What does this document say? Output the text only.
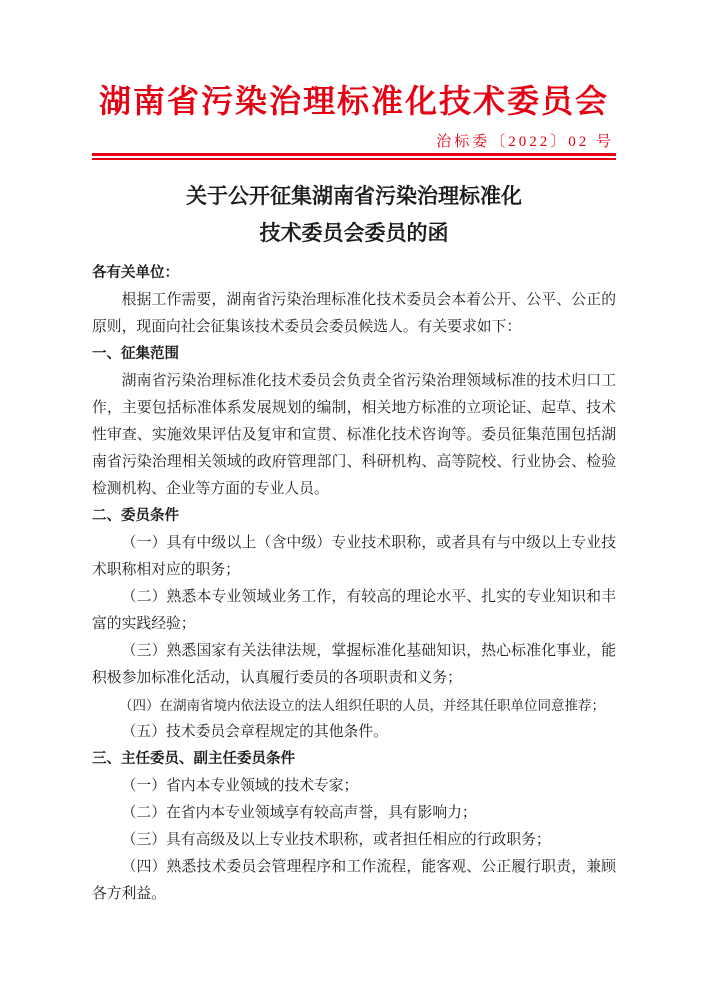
湖南省污染治理标准化技术委员会
治标委〔2022〕02 号
关于公开征集湖南省污染治理标准化
技术委员会委员的函
各有关单位：
根据工作需要，湖南省污染治理标准化技术委员会本着公开、公平、公正的原则，现面向社会征集该技术委员会委员候选人。有关要求如下：
一、征集范围
湖南省污染治理标准化技术委员会负责全省污染治理领域标准的技术归口工作，主要包括标准体系发展规划的编制，相关地方标准的立项论证、起草、技术性审查、实施效果评估及复审和宣贯、标准化技术咨询等。委员征集范围包括湖南省污染治理相关领域的政府管理部门、科研机构、高等院校、行业协会、检验检测机构、企业等方面的专业人员。
二、委员条件
（一）具有中级以上（含中级）专业技术职称，或者具有与中级以上专业技术职称相对应的职务；
（二）熟悉本专业领域业务工作，有较高的理论水平、扎实的专业知识和丰富的实践经验；
（三）熟悉国家有关法律法规，掌握标准化基础知识，热心标准化事业，能积极参加标准化活动，认真履行委员的各项职责和义务；
（四）在湖南省境内依法设立的法人组织任职的人员，并经其任职单位同意推荐；
（五）技术委员会章程规定的其他条件。
三、主任委员、副主任委员条件
（一）省内本专业领域的技术专家；
（二）在省内本专业领域享有较高声誉，具有影响力；
（三）具有高级及以上专业技术职称，或者担任相应的行政职务；
（四）熟悉技术委员会管理程序和工作流程，能客观、公正履行职责，兼顾各方利益。
